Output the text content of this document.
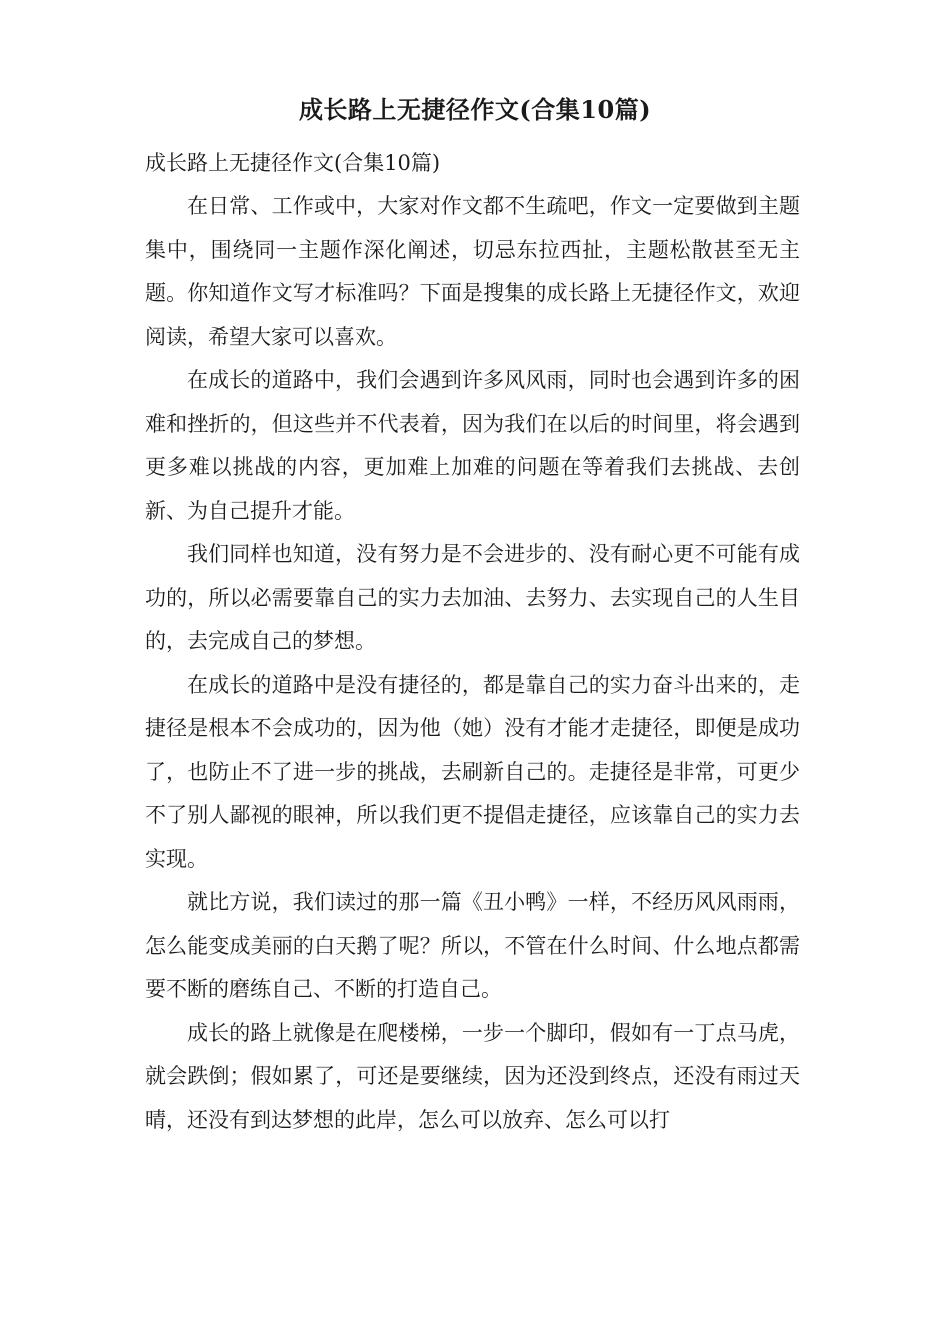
成长路上无捷径作文(合集10篇)

成长路上无捷径作文(合集10篇)

在日常、工作或中，大家对作文都不生疏吧，作文一定要做到主题集中，围绕同一主题作深化阐述，切忌东拉西扯，主题松散甚至无主题。你知道作文写才标准吗？下面是搜集的成长路上无捷径作文，欢迎阅读，希望大家可以喜欢。

在成长的道路中，我们会遇到许多风风雨，同时也会遇到许多的困难和挫折的，但这些并不代表着，因为我们在以后的时间里，将会遇到更多难以挑战的内容，更加难上加难的问题在等着我们去挑战、去创新、为自己提升才能。

我们同样也知道，没有努力是不会进步的、没有耐心更不可能有成功的，所以必需要靠自己的实力去加油、去努力、去实现自己的人生目的，去完成自己的梦想。

在成长的道路中是没有捷径的，都是靠自己的实力奋斗出来的，走捷径是根本不会成功的，因为他（她）没有才能才走捷径，即便是成功了，也防止不了进一步的挑战，去刷新自己的。走捷径是非常，可更少不了别人鄙视的眼神，所以我们更不提倡走捷径，应该靠自己的实力去实现。

就比方说，我们读过的那一篇《丑小鸭》一样，不经历风风雨雨，怎么能变成美丽的白天鹅了呢？所以，不管在什么时间、什么地点都需要不断的磨练自己、不断的打造自己。

成长的路上就像是在爬楼梯，一步一个脚印，假如有一丁点马虎，就会跌倒；假如累了，可还是要继续，因为还没到终点，还没有雨过天晴，还没有到达梦想的此岸，怎么可以放弃、怎么可以打
